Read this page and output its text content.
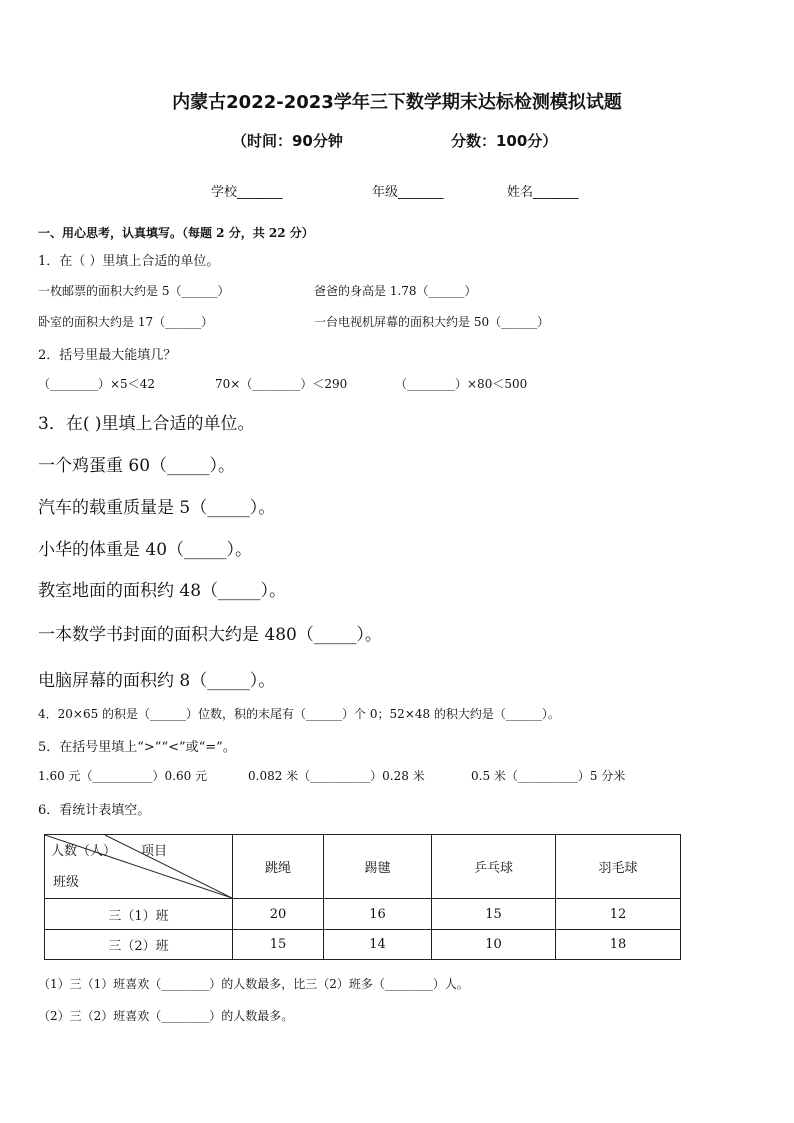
内蒙古2022-2023学年三下数学期末达标检测模拟试题
（时间：90分钟	分数：100分）
学校_______	年级_______	姓名_______
一、用心思考，认真填写。（每题 2 分，共 22 分）
1．在（ ）里填上合适的单位。
一枚邮票的面积大约是 5（______）	爸爸的身高是 1.78（______）
卧室的面积大约是 17（______）	一台电视机屏幕的面积大约是 50（______）
2．括号里最大能填几？
（________）×5＜42	70×（________）＜290	（________）×80＜500
3．在( )里填上合适的单位。
一个鸡蛋重 60（_____）。
汽车的载重质量是 5（_____）。
小华的体重是 40（_____）。
教室地面的面积约 48（_____）。
一本数学书封面的面积大约是 480（_____）。
电脑屏幕的面积约 8（_____）。
4．20×65 的积是（______）位数，积的末尾有（______）个 0；52×48 的积大约是（______）。
5．在括号里填上“>”“<”或“=”。
1.60 元（__________）0.60 元	0.082 米（__________）0.28 米	0.5 米（__________）5 分米
6．看统计表填空。
人数（人） 项目
班级	跳绳	踢毽	乒乓球	羽毛球
三（1）班	20	16	15	12
三（2）班	15	14	10	18
（1）三（1）班喜欢（________）的人数最多，比三（2）班多（________）人。
（2）三（2）班喜欢（________）的人数最多。
